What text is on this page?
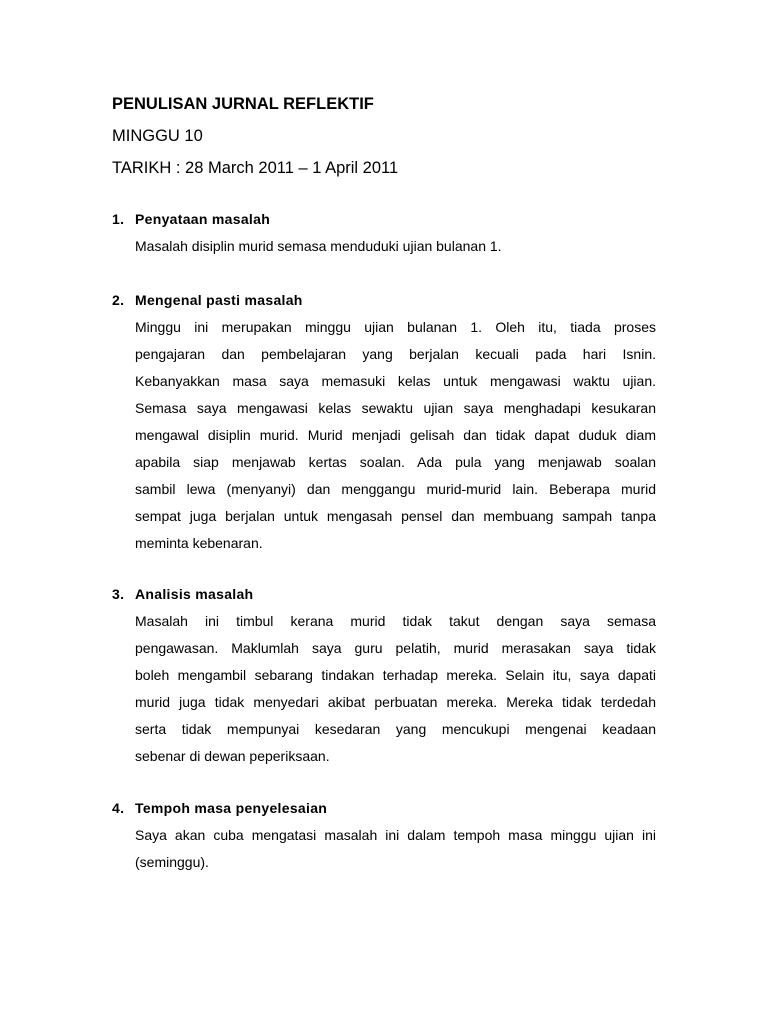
PENULISAN JURNAL REFLEKTIF

MINGGU 10

TARIKH : 28 March 2011 – 1 April 2011

1. Penyataan masalah
Masalah disiplin murid semasa menduduki ujian bulanan 1.
2. Mengenal pasti masalah
Minggu ini merupakan minggu ujian bulanan 1. Oleh itu, tiada proses
pengajaran dan pembelajaran yang berjalan kecuali pada hari Isnin.
Kebanyakkan masa saya memasuki kelas untuk mengawasi waktu ujian.
Semasa saya mengawasi kelas sewaktu ujian saya menghadapi kesukaran
mengawal disiplin murid. Murid menjadi gelisah dan tidak dapat duduk diam
apabila siap menjawab kertas soalan. Ada pula yang menjawab soalan
sambil lewa (menyanyi) dan menggangu murid-murid lain. Beberapa murid
sempat juga berjalan untuk mengasah pensel dan membuang sampah tanpa
meminta kebenaran.
3. Analisis masalah
Masalah ini timbul kerana murid tidak takut dengan saya semasa
pengawasan. Maklumlah saya guru pelatih, murid merasakan saya tidak
boleh mengambil sebarang tindakan terhadap mereka. Selain itu, saya dapati
murid juga tidak menyedari akibat perbuatan mereka. Mereka tidak terdedah
serta tidak mempunyai kesedaran yang mencukupi mengenai keadaan
sebenar di dewan peperiksaan.
4. Tempoh masa penyelesaian
Saya akan cuba mengatasi masalah ini dalam tempoh masa minggu ujian ini
(seminggu).
